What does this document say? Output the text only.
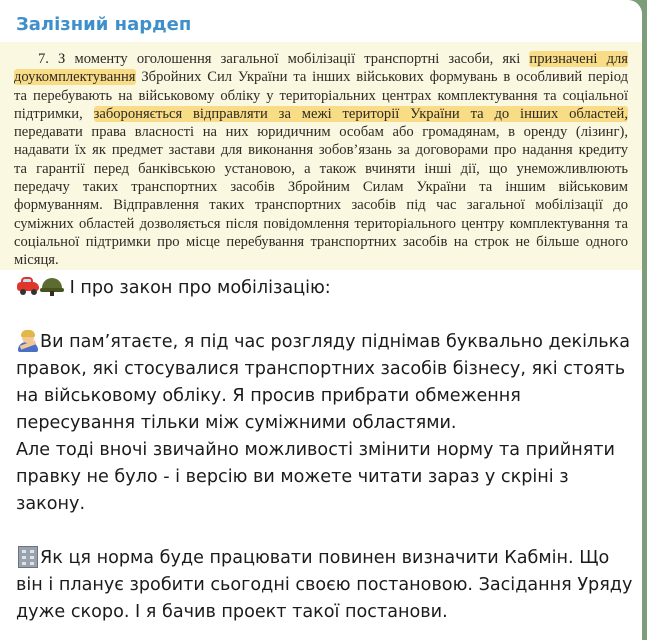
Залізний нардеп
7. З моменту оголошення загальної мобілізації транспортні засоби, які призначені для
доукомплектування Збройних Сил України та інших військових формувань в особливий період
та перебувають на військовому обліку у територіальних центрах комплектування та соціальної
підтримки, забороняється відправляти за межі території України та до інших областей,
передавати права власності на них юридичним особам або громадянам, в оренду (лізинг),
надавати їх як предмет застави для виконання зобов’язань за договорами про надання кредиту
та гарантії перед банківською установою, а також вчиняти інші дії, що унеможливлюють
передачу таких транспортних засобів Збройним Силам України та іншим військовим
формуванням. Відправлення таких транспортних засобів під час загальної мобілізації до
суміжних областей дозволяється після повідомлення територіального центру комплектування та
соціальної підтримки про місце перебування транспортних засобів на строк не більше одного
місяця.

І про закон про мобілізацію:

Ви пам’ятаєте, я під час розгляду піднімав буквально декілька правок, які стосувалися транспортних засобів бізнесу, які стоять на військовому обліку. Я просив прибрати обмеження пересування тільки між суміжними областями.

Але тоді вночі звичайно можливості змінити норму та прийняти правку не було - і версію ви можете читати зараз у скріні з закону.

Як ця норма буде працювати повинен визначити Кабмін. Що він і планує зробити сьогодні своєю постановою. Засідання Уряду дуже скоро. І я бачив проект такої постанови.
